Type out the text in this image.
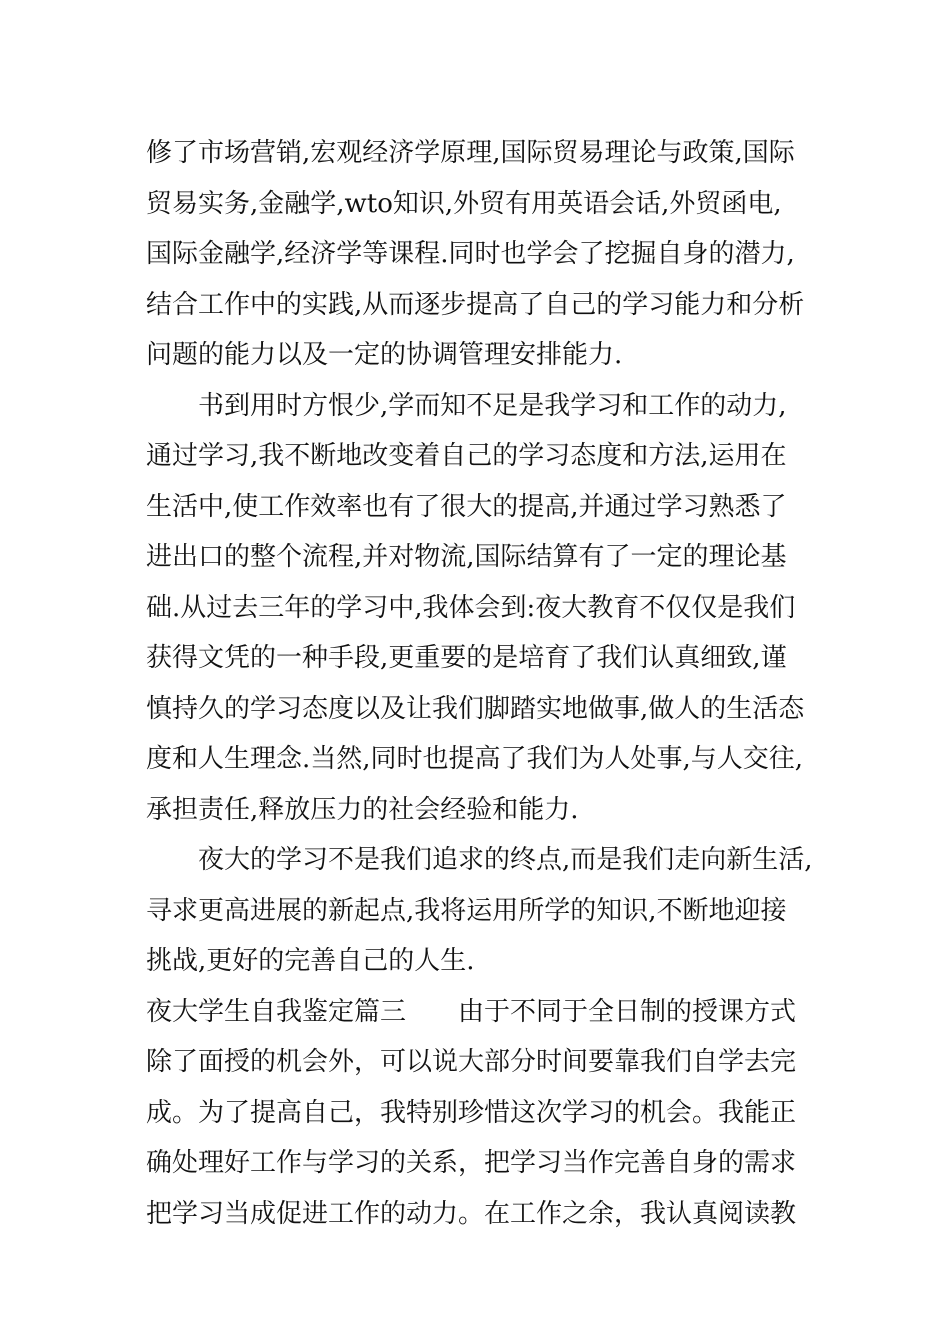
修了市场营销,宏观经济学原理,国际贸易理论与政策,国际
贸易实务,金融学,wto知识,外贸有用英语会话,外贸函电,
国际金融学,经济学等课程.同时也学会了挖掘自身的潜力,
结合工作中的实践,从而逐步提高了自己的学习能力和分析
问题的能力以及一定的协调管理安排能力.
书到用时方恨少,学而知不足是我学习和工作的动力,
通过学习,我不断地改变着自己的学习态度和方法,运用在
生活中,使工作效率也有了很大的提高,并通过学习熟悉了
进出口的整个流程,并对物流,国际结算有了一定的理论基
础.从过去三年的学习中,我体会到:夜大教育不仅仅是我们
获得文凭的一种手段,更重要的是培育了我们认真细致,谨
慎持久的学习态度以及让我们脚踏实地做事,做人的生活态
度和人生理念.当然,同时也提高了我们为人处事,与人交往,
承担责任,释放压力的社会经验和能力.
夜大的学习不是我们追求的终点,而是我们走向新生活,
寻求更高进展的新起点,我将运用所学的知识,不断地迎接
挑战,更好的完善自己的人生.
夜大学生自我鉴定篇三　　由于不同于全日制的授课方式
除了面授的机会外，可以说大部分时间要靠我们自学去完
成。为了提高自己，我特别珍惜这次学习的机会。我能正
确处理好工作与学习的关系，把学习当作完善自身的需求
把学习当成促进工作的动力。在工作之余，我认真阅读教
